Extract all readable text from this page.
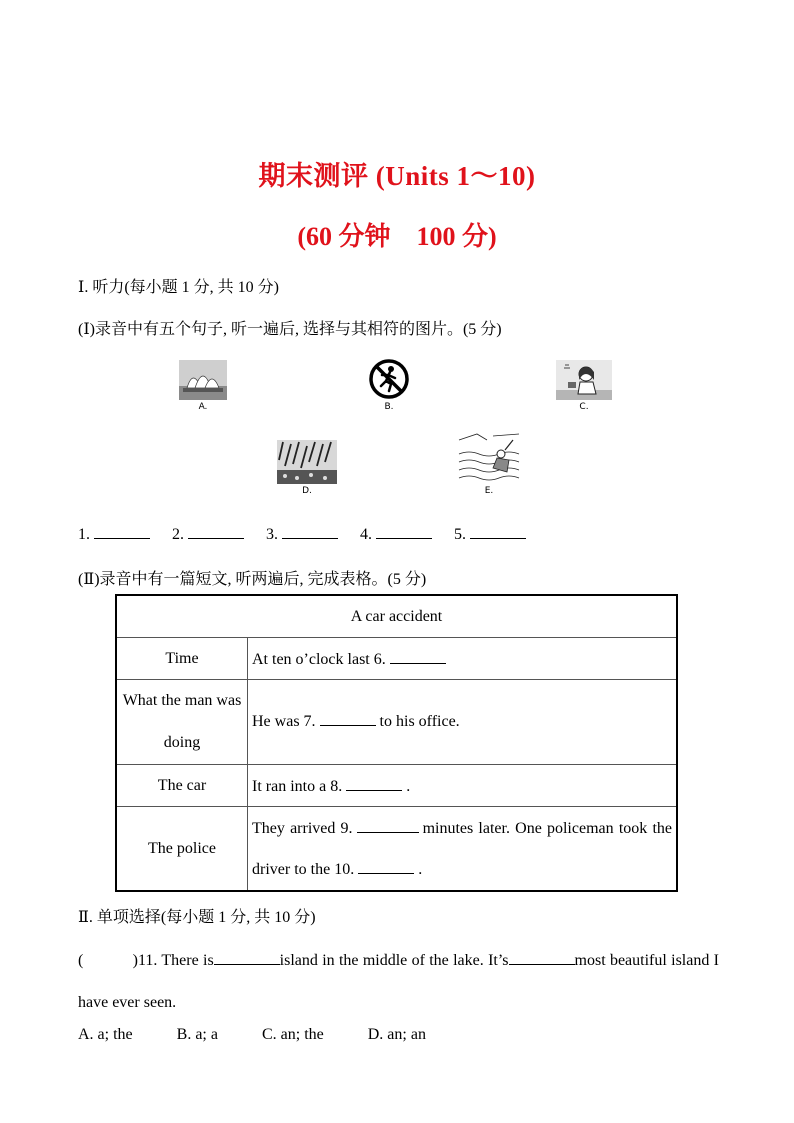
期末测评 (Units 1～10)
(60 分钟　100 分)
Ⅰ. 听力(每小题 1 分, 共 10 分)
(Ⅰ)录音中有五个句子, 听一遍后, 选择与其相符的图片。(5 分)
A.	B.	C.
D.	E.
1.	2.	3.	4.	5.
(Ⅱ)录音中有一篇短文, 听两遍后, 完成表格。(5 分)
A car accident	
Time	At ten o’clock last 6.
What the man was doing	He was 7. to his office.
The car	It ran into a 8. .
The police	They arrived 9. minutes later. One policeman took the driver to the 10. .
Ⅱ. 单项选择(每小题 1 分, 共 10 分)
(　　　)11. There is	island in the middle of the lake. It’s	most beautiful island I have ever seen.
A. a; the	B. a; a	C. an; the	D. an; an
